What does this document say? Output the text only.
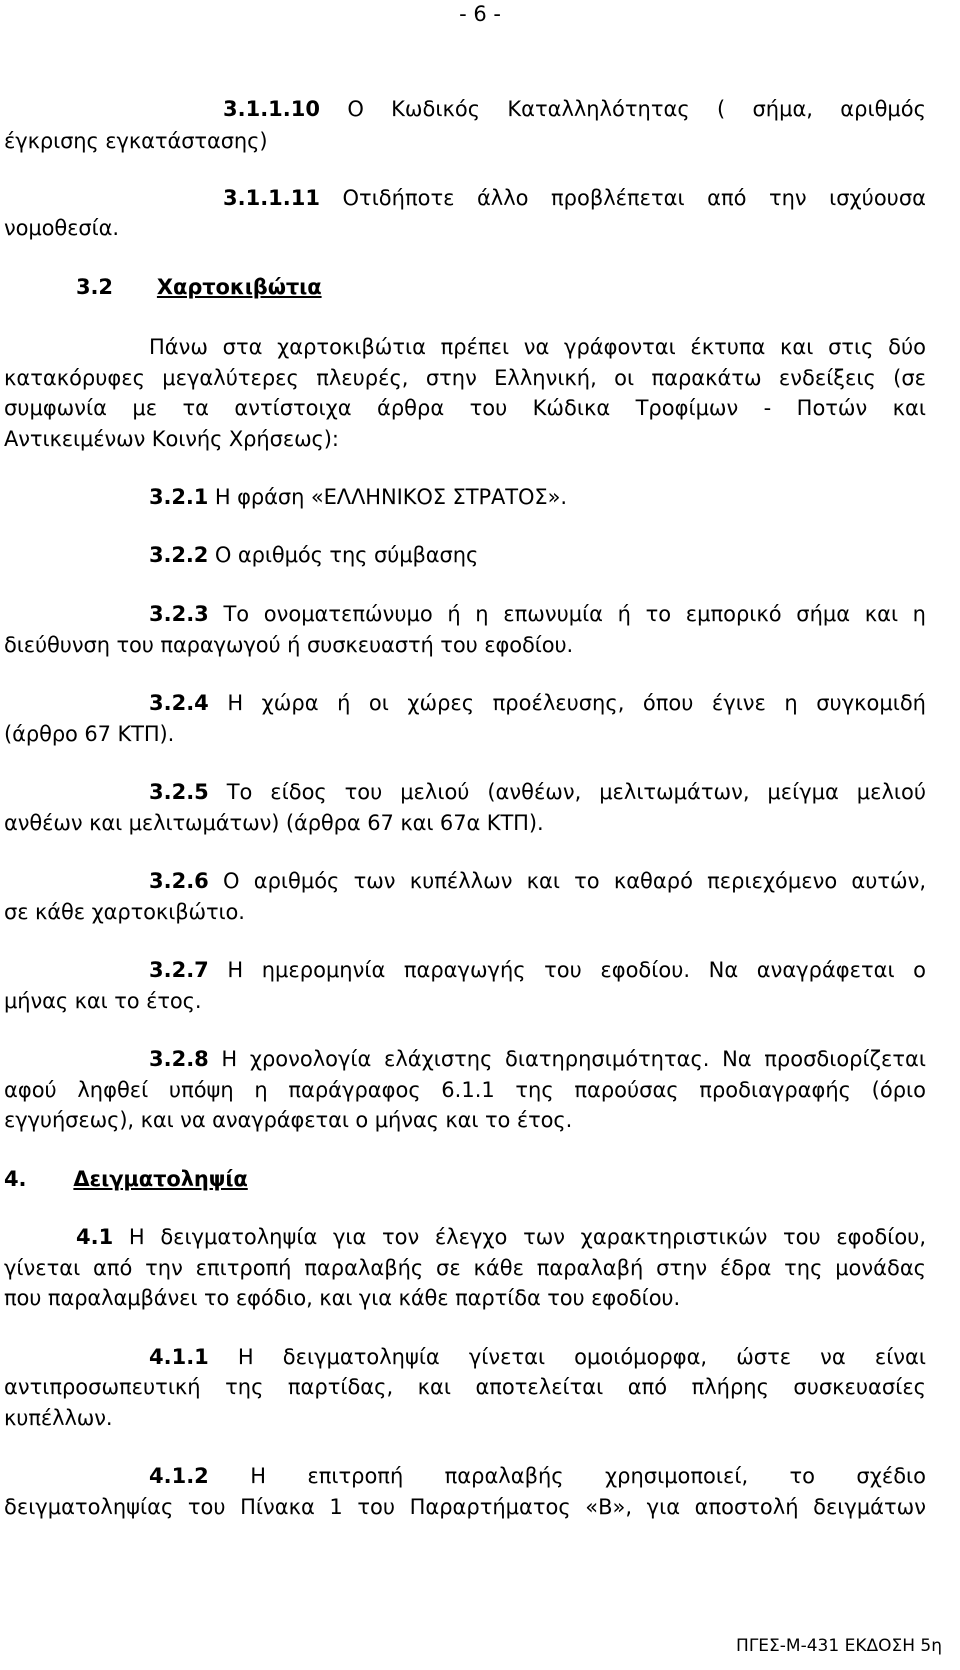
- 6 -
3.1.1.10 Ο Κωδικός Καταλληλότητας ( σήμα, αριθμός
έγκρισης εγκατάστασης)
3.1.1.11 Οτιδήποτε άλλο προβλέπεται από την ισχύουσα
νομοθεσία.
3.2 Χαρτοκιβώτια
Πάνω στα χαρτοκιβώτια πρέπει να γράφονται έκτυπα και στις δύο
κατακόρυφες μεγαλύτερες πλευρές, στην Ελληνική, οι παρακάτω ενδείξεις (σε
συμφωνία με τα αντίστοιχα άρθρα του Κώδικα Τροφίμων - Ποτών και
Αντικειμένων Κοινής Χρήσεως):
3.2.1 Η φράση «ΕΛΛΗΝΙΚΟΣ ΣΤΡΑΤΟΣ».
3.2.2 Ο αριθμός της σύμβασης
3.2.3 Το ονοματεπώνυμο ή η επωνυμία ή το εμπορικό σήμα και η
διεύθυνση του παραγωγού ή συσκευαστή του εφοδίου.
3.2.4 Η χώρα ή οι χώρες προέλευσης, όπου έγινε η συγκομιδή
(άρθρο 67 ΚΤΠ).
3.2.5 Το είδος του μελιού (ανθέων, μελιτωμάτων, μείγμα μελιού
ανθέων και μελιτωμάτων) (άρθρα 67 και 67α ΚΤΠ).
3.2.6 Ο αριθμός των κυπέλλων και το καθαρό περιεχόμενο αυτών,
σε κάθε χαρτοκιβώτιο.
3.2.7 Η ημερομηνία παραγωγής του εφοδίου. Να αναγράφεται ο
μήνας και το έτος.
3.2.8 Η χρονολογία ελάχιστης διατηρησιμότητας. Να προσδιορίζεται
αφού ληφθεί υπόψη η παράγραφος 6.1.1 της παρούσας προδιαγραφής (όριο
εγγυήσεως), και να αναγράφεται ο μήνας και το έτος.
4. Δειγματοληψία
4.1 Η δειγματοληψία για τον έλεγχο των χαρακτηριστικών του εφοδίου,
γίνεται από την επιτροπή παραλαβής σε κάθε παραλαβή στην έδρα της μονάδας
που παραλαμβάνει το εφόδιο, και για κάθε παρτίδα του εφοδίου.
4.1.1 Η δειγματοληψία γίνεται ομοιόμορφα, ώστε να είναι
αντιπροσωπευτική της παρτίδας, και αποτελείται από πλήρης συσκευασίες
κυπέλλων.
4.1.2 Η επιτροπή παραλαβής χρησιμοποιεί, το σχέδιο
δειγματοληψίας του Πίνακα 1 του Παραρτήματος «Β», για αποστολή δειγμάτων
ΠΓΕΣ-Μ-431 ΕΚΔΟΣΗ 5η
